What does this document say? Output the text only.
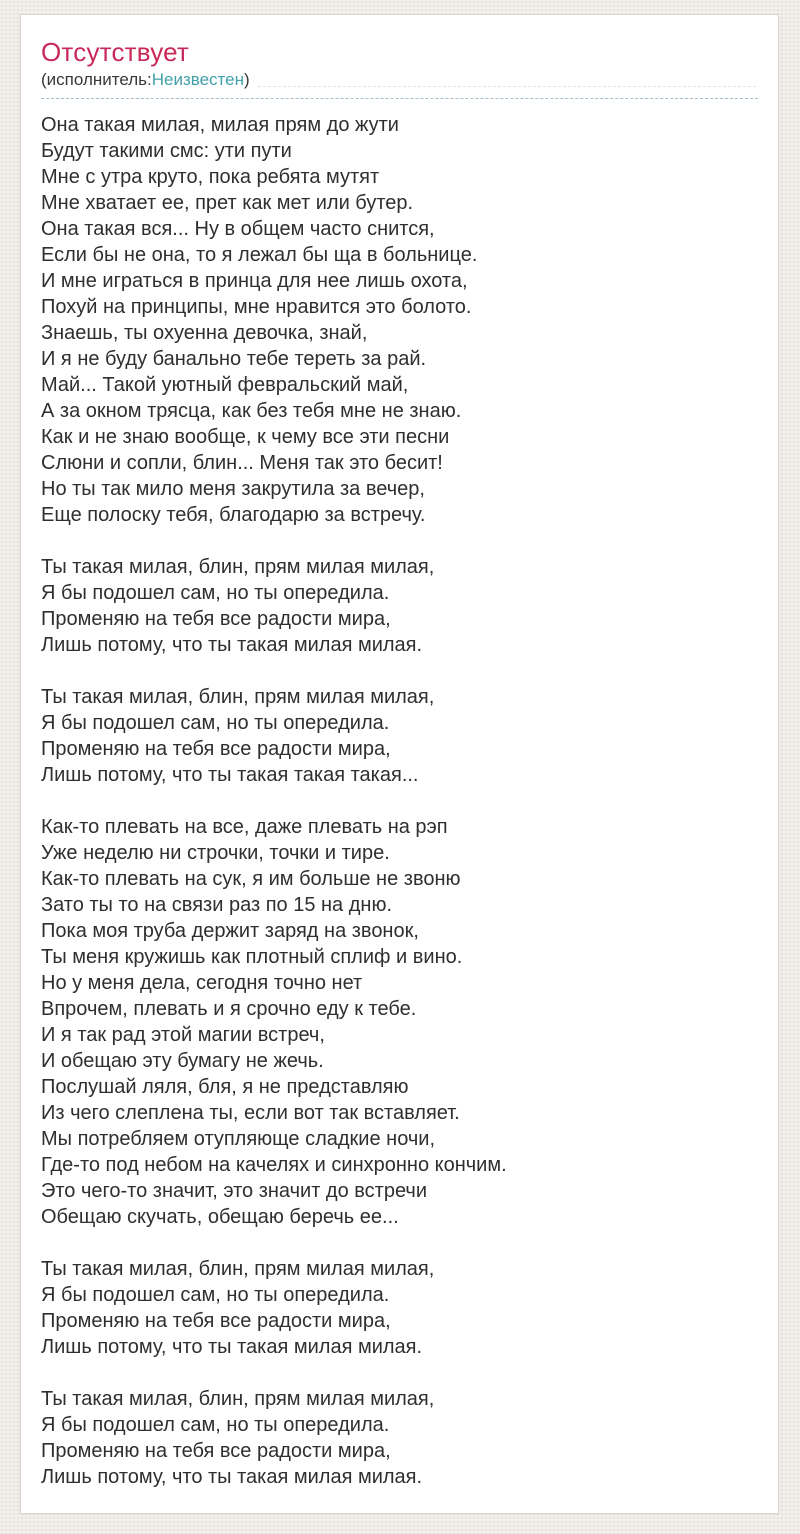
Отсутствует
(исполнитель: Неизвестен )

Она такая милая, милая прям до жути
Будут такими смс: ути пути
Мне с утра круто, пока ребята мутят
Мне хватает ее, прет как мет или бутер.
Она такая вся... Ну в общем часто снится,
Если бы не она, то я лежал бы ща в больнице.
И мне играться в принца для нее лишь охота,
Похуй на принципы, мне нравится это болото.
Знаешь, ты охуенна девочка, знай,
И я не буду банально тебе тереть за рай.
Май... Такой уютный февральский май,
А за окном трясца, как без тебя мне не знаю.
Как и не знаю вообще, к чему все эти песни
Слюни и сопли, блин... Меня так это бесит!
Но ты так мило меня закрутила за вечер,
Еще полоску тебя, благодарю за встречу.

Ты такая милая, блин, прям милая милая,
Я бы подошел сам, но ты опередила.
Променяю на тебя все радости мира,
Лишь потому, что ты такая милая милая.

Ты такая милая, блин, прям милая милая,
Я бы подошел сам, но ты опередила.
Променяю на тебя все радости мира,
Лишь потому, что ты такая такая такая...

Как-то плевать на все, даже плевать на рэп
Уже неделю ни строчки, точки и тире.
Как-то плевать на сук, я им больше не звоню
Зато ты то на связи раз по 15 на дню.
Пока моя труба держит заряд на звонок,
Ты меня кружишь как плотный сплиф и вино.
Но у меня дела, сегодня точно нет
Впрочем, плевать и я срочно еду к тебе.
И я так рад этой магии встреч,
И обещаю эту бумагу не жечь.
Послушай ляля, бля, я не представляю
Из чего слеплена ты, если вот так вставляет.
Мы потребляем отупляюще сладкие ночи,
Где-то под небом на качелях и синхронно кончим.
Это чего-то значит, это значит до встречи
Обещаю скучать, обещаю беречь ее...

Ты такая милая, блин, прям милая милая,
Я бы подошел сам, но ты опередила.
Променяю на тебя все радости мира,
Лишь потому, что ты такая милая милая.

Ты такая милая, блин, прям милая милая,
Я бы подошел сам, но ты опередила.
Променяю на тебя все радости мира,
Лишь потому, что ты такая милая милая.
